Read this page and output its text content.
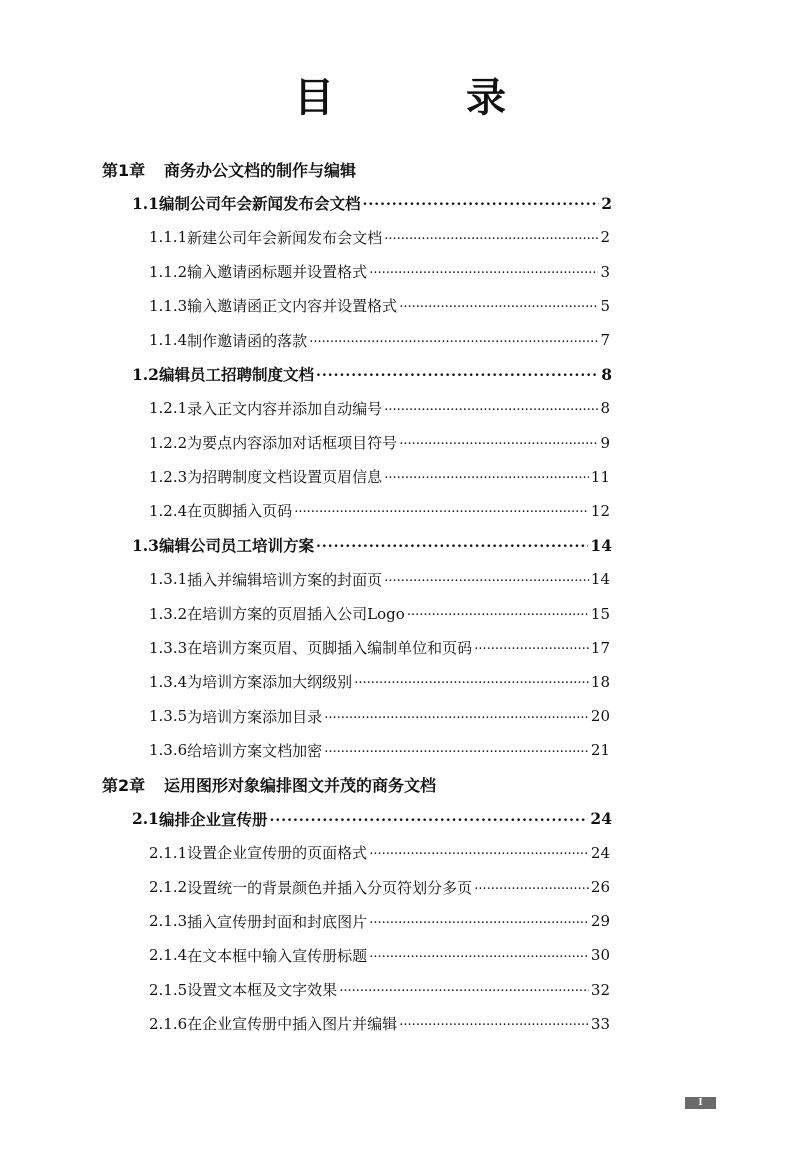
目　录
第1章	商务办公文档的制作与编辑
1.1 编制公司年会新闻发布会文档 .....	2
1.1.1 新建公司年会新闻发布会文档 .....	2
1.1.2 输入邀请函标题并设置格式 .....	3
1.1.3 输入邀请函正文内容并设置格式 .....	5
1.1.4 制作邀请函的落款 .....	7
1.2 编辑员工招聘制度文档 .....	8
1.2.1 录入正文内容并添加自动编号 .....	8
1.2.2 为要点内容添加对话框项目符号 .....	9
1.2.3 为招聘制度文档设置页眉信息 .....	11
1.2.4 在页脚插入页码 .....	12
1.3 编辑公司员工培训方案 .....	14
1.3.1 插入并编辑培训方案的封面页 .....	14
1.3.2 在培训方案的页眉插入公司Logo .....	15
1.3.3 在培训方案页眉、页脚插入编制单位和页码 .....	17
1.3.4 为培训方案添加大纲级别 .....	18
1.3.5 为培训方案添加目录 .....	20
1.3.6 给培训方案文档加密 .....	21
第2章	运用图形对象编排图文并茂的商务文档
2.1 编排企业宣传册 .....	24
2.1.1 设置企业宣传册的页面格式 .....	24
2.1.2 设置统一的背景颜色并插入分页符划分多页 .....	26
2.1.3 插入宣传册封面和封底图片 .....	29
2.1.4 在文本框中输入宣传册标题 .....	30
2.1.5 设置文本框及文字效果 .....	32
2.1.6 在企业宣传册中插入图片并编辑 .....	33
I
